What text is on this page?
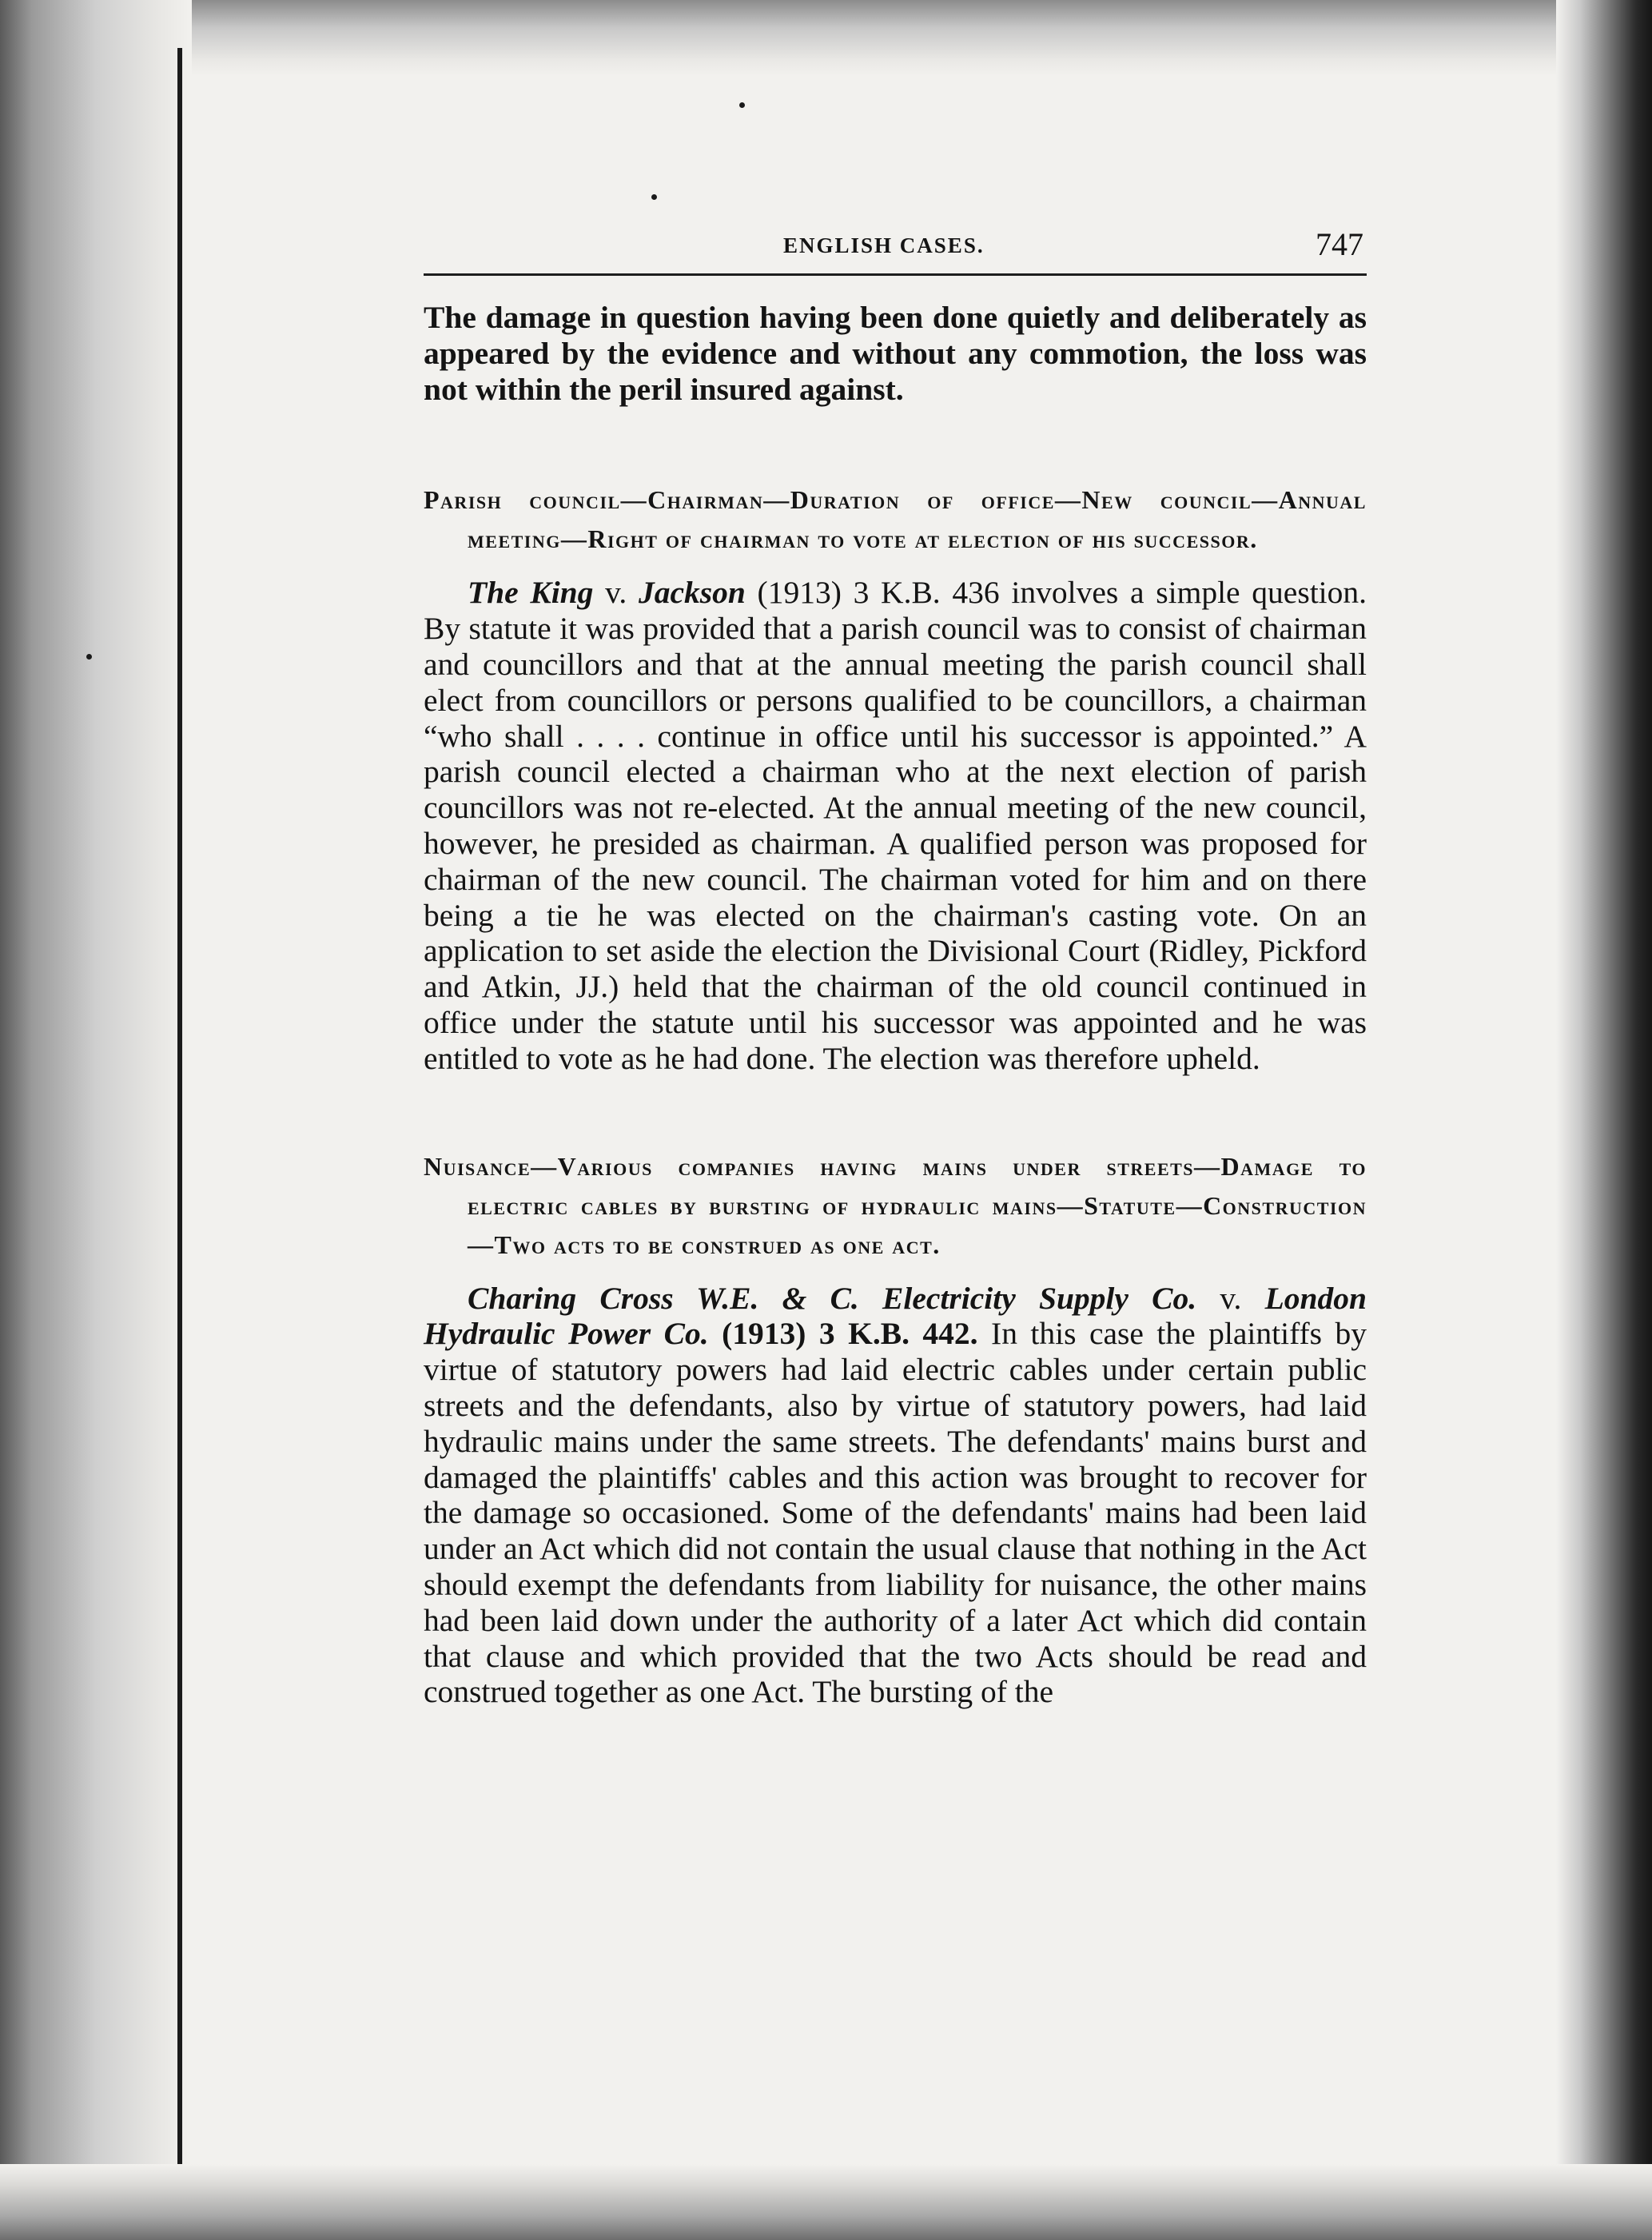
ENGLISH CASES.	747

The damage in question having been done quietly and deliberately as appeared by the evidence and without any commotion, the loss was not within the peril insured against.

Parish council—Chairman—Duration of office—New council—Annual meeting—Right of chairman to vote at election of his successor.

The King v. Jackson (1913) 3 K.B. 436 involves a simple question. By statute it was provided that a parish council was to consist of chairman and councillors and that at the annual meeting the parish council shall elect from councillors or persons qualified to be councillors, a chairman “who shall . . . . continue in office until his successor is appointed.” A parish council elected a chairman who at the next election of parish councillors was not re-elected. At the annual meeting of the new council, however, he presided as chairman. A qualified person was proposed for chairman of the new council. The chairman voted for him and on there being a tie he was elected on the chairman's casting vote. On an application to set aside the election the Divisional Court (Ridley, Pickford and Atkin, JJ.) held that the chairman of the old council continued in office under the statute until his successor was appointed and he was entitled to vote as he had done. The election was therefore upheld.

Nuisance—Various companies having mains under streets—Damage to electric cables by bursting of hydraulic mains—Statute—Construction—Two acts to be construed as one act.

Charing Cross W.E. & C. Electricity Supply Co. v. London Hydraulic Power Co. (1913) 3 K.B. 442. In this case the plaintiffs by virtue of statutory powers had laid electric cables under certain public streets and the defendants, also by virtue of statutory powers, had laid hydraulic mains under the same streets. The defendants' mains burst and damaged the plaintiffs' cables and this action was brought to recover for the damage so occasioned. Some of the defendants' mains had been laid under an Act which did not contain the usual clause that nothing in the Act should exempt the defendants from liability for nuisance, the other mains had been laid down under the authority of a later Act which did contain that clause and which provided that the two Acts should be read and construed together as one Act. The bursting of the
